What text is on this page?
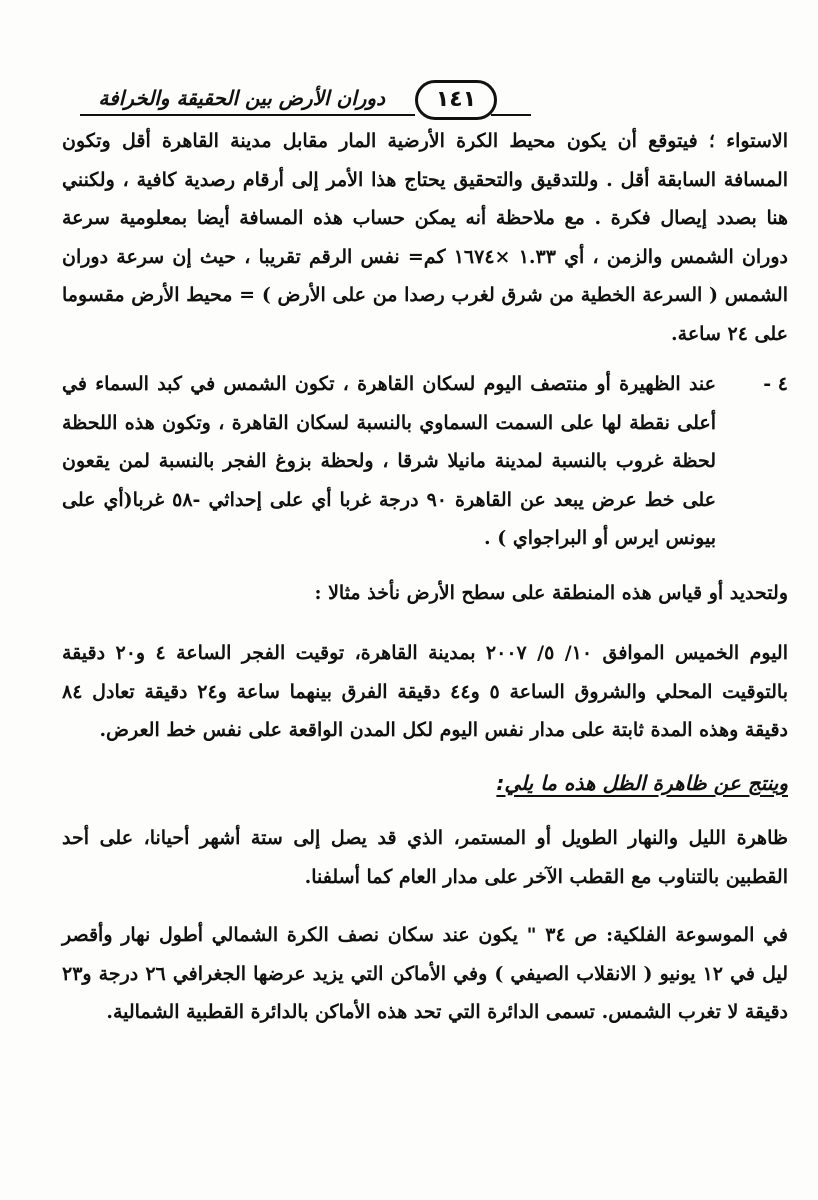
دوران الأرض بين الحقيقة والخرافة	١٤١

الاستواء ؛ فيتوقع أن يكون محيط الكرة الأرضية المار مقابل مدينة القاهرة أقل وتكون المسافة السابقة أقل . وللتدقيق والتحقيق يحتاج هذا الأمر إلى أرقام رصدية كافية ، ولكنني هنا بصدد إيصال فكرة . مع ملاحظة أنه يمكن حساب هذه المسافة أيضا بمعلومية سرعة دوران الشمس والزمن ، أي ١.٣٣ ×١٦٧٤ كم= نفس الرقم تقريبا ، حيث إن سرعة دوران الشمس ( السرعة الخطية من شرق لغرب رصدا من على الأرض ) = محيط الأرض مقسوما على ٢٤ ساعة.

٤ -
عند الظهيرة أو منتصف اليوم لسكان القاهرة ، تكون الشمس في كبد السماء في أعلى نقطة لها على السمت السماوي بالنسبة لسكان القاهرة ، وتكون هذه اللحظة لحظة غروب بالنسبة لمدينة مانيلا شرقا ، ولحظة بزوغ الفجر بالنسبة لمن يقعون على خط عرض يبعد عن القاهرة ٩٠ درجة غربا أي على إحداثي -٥٨ غربا(أي على بيونس ايرس أو البراجواي ) .

ولتحديد أو قياس هذه المنطقة على سطح الأرض نأخذ مثالا :

اليوم الخميس الموافق ١٠/ ٥/ ٢٠٠٧ بمدينة القاهرة، توقيت الفجر الساعة ٤ و٢٠ دقيقة بالتوقيت المحلي والشروق الساعة ٥ و٤٤ دقيقة الفرق بينهما ساعة و٢٤ دقيقة تعادل ٨٤ دقيقة وهذه المدة ثابتة على مدار نفس اليوم لكل المدن الواقعة على نفس خط العرض.

وينتج عن ظاهرة الظل هذه ما يلي:

ظاهرة الليل والنهار الطويل أو المستمر، الذي قد يصل إلى ستة أشهر أحيانا، على أحد القطبين بالتناوب مع القطب الآخر على مدار العام كما أسلفنا.

في الموسوعة الفلكية: ص ٣٤ " يكون عند سكان نصف الكرة الشمالي أطول نهار وأقصر ليل في ١٢ يونيو ( الانقلاب الصيفي ) وفي الأماكن التي يزيد عرضها الجغرافي ٢٦ درجة و٢٣ دقيقة لا تغرب الشمس. تسمى الدائرة التي تحد هذه الأماكن بالدائرة القطبية الشمالية.
